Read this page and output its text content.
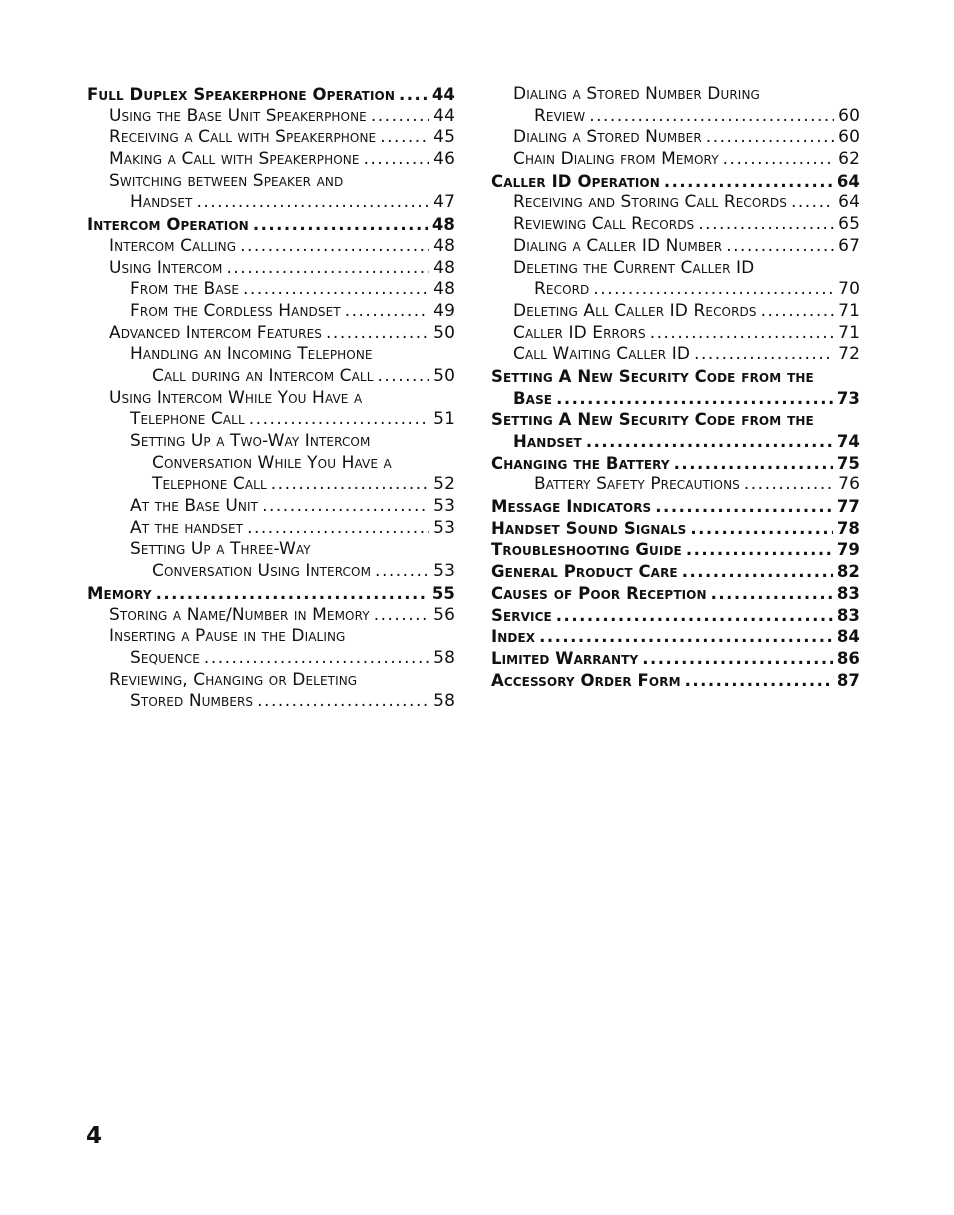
Full Duplex Speakerphone Operation ..... 44
Using the Base Unit Speakerphone .....	44
Receiving a Call with Speakerphone .....	45
Making a Call with Speakerphone .....	46
Switching between Speaker and
Handset .....	47
Intercom Operation .....	48
Intercom Calling .....	48
Using Intercom .....	48
From the Base .....	48
From the Cordless Handset .....	49
Advanced Intercom Features .....	50
Handling an Incoming Telephone
Call during an Intercom Call .....	50
Using Intercom While You Have a
Telephone Call .....	51
Setting Up a Two-Way Intercom
Conversation While You Have a
Telephone Call .....	52
At the Base Unit .....	53
At the handset .....	53
Setting Up a Three-Way
Conversation Using Intercom .....	53
Memory .....	55
Storing a Name/Number in Memory .....	56
Inserting a Pause in the Dialing
Sequence .....	58
Reviewing, Changing or Deleting
Stored Numbers .....	58
Dialing a Stored Number During
Review .....	60
Dialing a Stored Number .....	60
Chain Dialing from Memory .....	62
Caller ID Operation .....	64
Receiving and Storing Call Records .....	64
Reviewing Call Records .....	65
Dialing a Caller ID Number .....	67
Deleting the Current Caller ID
Record .....	70
Deleting All Caller ID Records .....	71
Caller ID Errors .....	71
Call Waiting Caller ID .....	72
Setting A New Security Code from the
Base .....	73
Setting A New Security Code from the
Handset .....	74
Changing the Battery .....	75
Battery Safety Precautions .....	76
Message Indicators .....	77
Handset Sound Signals .....	78
Troubleshooting Guide .....	79
General Product Care .....	82
Causes of Poor Reception .....	83
Service .....	83
Index .....	84
Limited Warranty .....	86
Accessory Order Form .....	87
4
